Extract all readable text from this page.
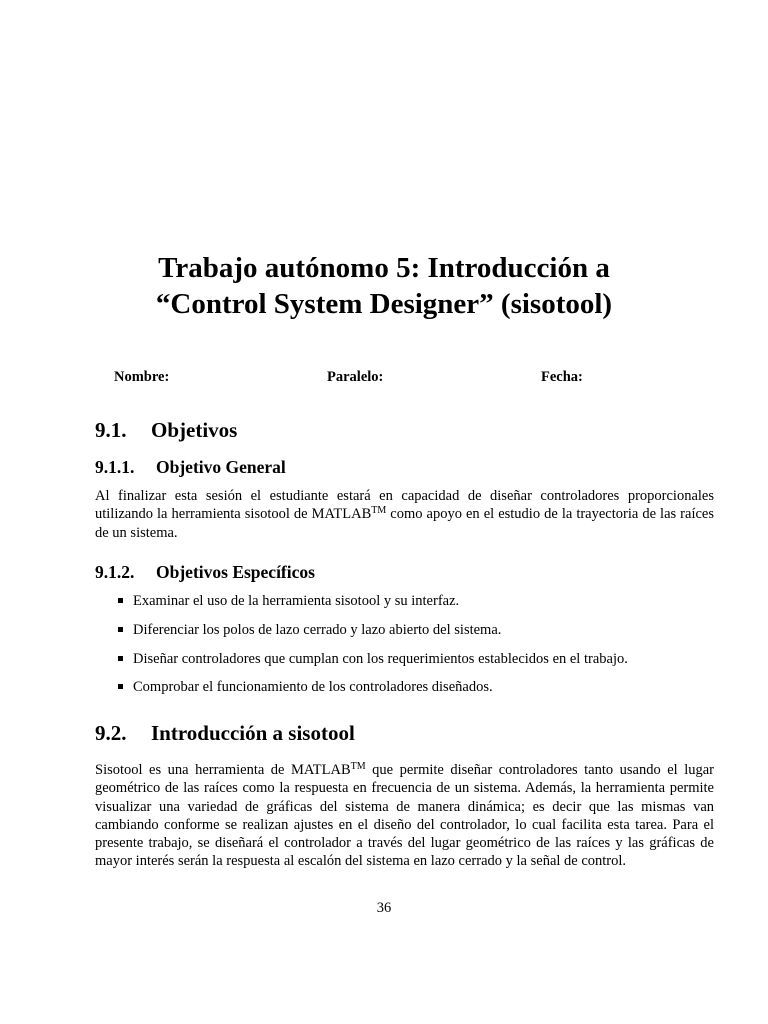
Trabajo autónomo 5: Introducción a
“Control System Designer” (sisotool)
Nombre:	Paralelo:	Fecha:
9.1. Objetivos
9.1.1. Objetivo General
Al finalizar esta sesión el estudiante estará en capacidad de diseñar controladores proporcionales utilizando la herramienta sisotool de MATLAB™ como apoyo en el estudio de la trayectoria de las raíces de un sistema.
9.1.2. Objetivos Específicos
Examinar el uso de la herramienta sisotool y su interfaz.
Diferenciar los polos de lazo cerrado y lazo abierto del sistema.
Diseñar controladores que cumplan con los requerimientos establecidos en el trabajo.
Comprobar el funcionamiento de los controladores diseñados.
9.2. Introducción a sisotool
Sisotool es una herramienta de MATLAB™ que permite diseñar controladores tanto usando el lugar geométrico de las raíces como la respuesta en frecuencia de un sistema. Además, la herramienta permite visualizar una variedad de gráficas del sistema de manera dinámica; es decir que las mismas van cambiando conforme se realizan ajustes en el diseño del controlador, lo cual facilita esta tarea. Para el presente trabajo, se diseñará el controlador a través del lugar geométrico de las raíces y las gráficas de mayor interés serán la respuesta al escalón del sistema en lazo cerrado y la señal de control.
36
